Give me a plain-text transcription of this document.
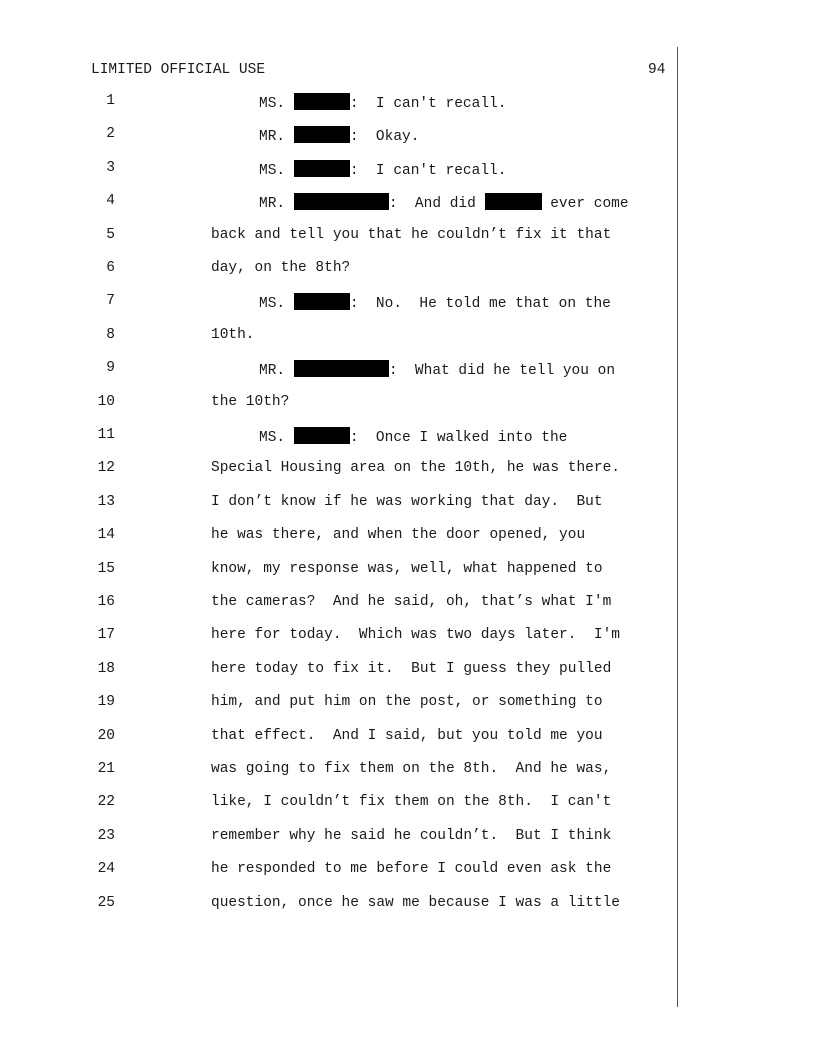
LIMITED OFFICIAL USE	94
1	MS.	:  I can't recall.
2	MR.	:  Okay.
3	MS.	:  I can't recall.
4	MR.	:  And did	ever come
5	back and tell you that he couldn’t fix it that
6	day, on the 8th?
7	MS.	:  No.  He told me that on the
8	10th.
9	MR.	:  What did he tell you on
10	the 10th?
11	MS.	:  Once I walked into the
12	Special Housing area on the 10th, he was there.
13	I don’t know if he was working that day.  But
14	he was there, and when the door opened, you
15	know, my response was, well, what happened to
16	the cameras?  And he said, oh, that’s what I'm
17	here for today.  Which was two days later.  I'm
18	here today to fix it.  But I guess they pulled
19	him, and put him on the post, or something to
20	that effect.  And I said, but you told me you
21	was going to fix them on the 8th.  And he was,
22	like, I couldn’t fix them on the 8th.  I can't
23	remember why he said he couldn’t.  But I think
24	he responded to me before I could even ask the
25	question, once he saw me because I was a little
